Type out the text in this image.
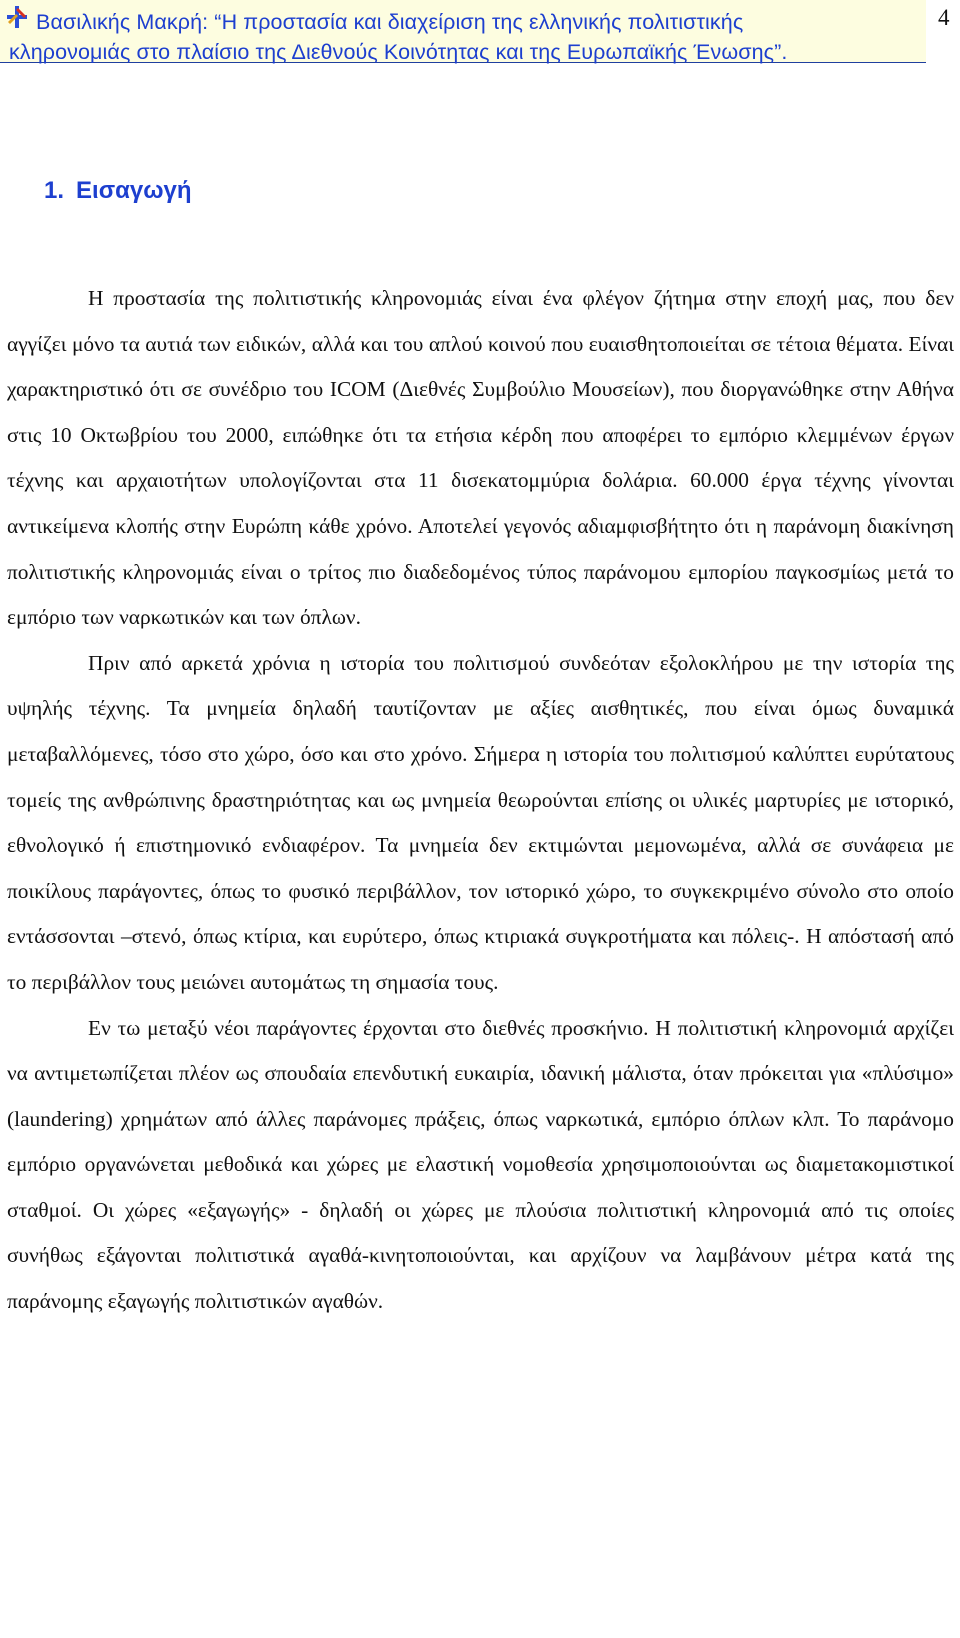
Βασιλικής Μακρή: “Η προστασία και διαχείριση της ελληνικής πολιτιστικής
κληρονομιάς στο πλαίσιο της Διεθνούς Κοινότητας και της Ευρωπαϊκής Ένωσης”.
4
1. Εισαγωγή

Η προστασία της πολιτιστικής κληρονομιάς είναι ένα φλέγον ζήτημα στην εποχή μας, που δεν αγγίζει μόνο τα αυτιά των ειδικών, αλλά και του απλού κοινού που ευαισθητοποιείται σε τέτοια θέματα. Είναι χαρακτηριστικό ότι σε συνέδριο του ICOM (Διεθνές Συμβούλιο Μουσείων), που διοργανώθηκε στην Αθήνα στις 10 Οκτωβρίου του 2000, ειπώθηκε ότι τα ετήσια κέρδη που αποφέρει το εμπόριο κλεμμένων έργων τέχνης και αρχαιοτήτων υπολογίζονται στα 11 δισεκατομμύρια δολάρια. 60.000 έργα τέχνης γίνονται αντικείμενα κλοπής στην Ευρώπη κάθε χρόνο. Αποτελεί γεγονός αδιαμφισβήτητο ότι η παράνομη διακίνηση πολιτιστικής κληρονομιάς είναι ο τρίτος πιο διαδεδομένος τύπος παράνομου εμπορίου παγκοσμίως μετά το εμπόριο των ναρκωτικών και των όπλων.

Πριν από αρκετά χρόνια η ιστορία του πολιτισμού συνδεόταν εξολοκλήρου με την ιστορία της υψηλής τέχνης. Τα μνημεία δηλαδή ταυτίζονταν με αξίες αισθητικές, που είναι όμως δυναμικά μεταβαλλόμενες, τόσο στο χώρο, όσο και στο χρόνο. Σήμερα η ιστορία του πολιτισμού καλύπτει ευρύτατους τομείς της ανθρώπινης δραστηριότητας και ως μνημεία θεωρούνται επίσης οι υλικές μαρτυρίες με ιστορικό, εθνολογικό ή επιστημονικό ενδιαφέρον. Τα μνημεία δεν εκτιμώνται μεμονωμένα, αλλά σε συνάφεια με ποικίλους παράγοντες, όπως το φυσικό περιβάλλον, τον ιστορικό χώρο, το συγκεκριμένο σύνολο στο οποίο εντάσσονται –στενό, όπως κτίρια, και ευρύτερο, όπως κτιριακά συγκροτήματα και πόλεις-. Η απόστασή από το περιβάλλον τους μειώνει αυτομάτως τη σημασία τους.

Εν τω μεταξύ νέοι παράγοντες έρχονται στο διεθνές προσκήνιο. Η πολιτιστική κληρονομιά αρχίζει να αντιμετωπίζεται πλέον ως σπουδαία επενδυτική ευκαιρία, ιδανική μάλιστα, όταν πρόκειται για «πλύσιμο» (laundering) χρημάτων από άλλες παράνομες πράξεις, όπως ναρκωτικά, εμπόριο όπλων κλπ. Το παράνομο εμπόριο οργανώνεται μεθοδικά και χώρες με ελαστική νομοθεσία χρησιμοποιούνται ως διαμετακομιστικοί σταθμοί. Οι χώρες «εξαγωγής» - δηλαδή οι χώρες με πλούσια πολιτιστική κληρονομιά από τις οποίες συνήθως εξάγονται πολιτιστικά αγαθά-κινητοποιούνται, και αρχίζουν να λαμβάνουν μέτρα κατά της παράνομης εξαγωγής πολιτιστικών αγαθών.
